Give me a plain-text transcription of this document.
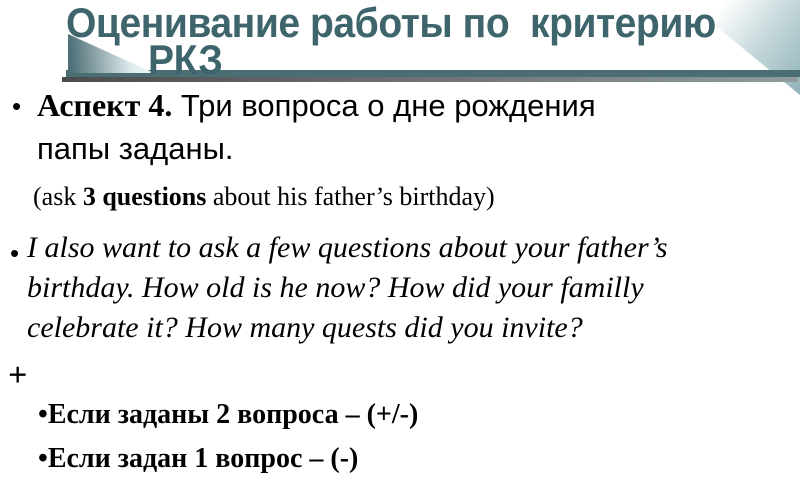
Оценивание работы по  критерию
РКЗ
• Аспект 4. Три вопроса о дне рождения папы заданы.

(ask 3 questions about his father’s birthday)

• I also want to ask a few questions about your father’s birthday. How old is he now? How did your familly celebrate it? How many quests did you invite?

+

•Если заданы 2 вопроса – (+/-)

•Если задан 1 вопрос – (-)
